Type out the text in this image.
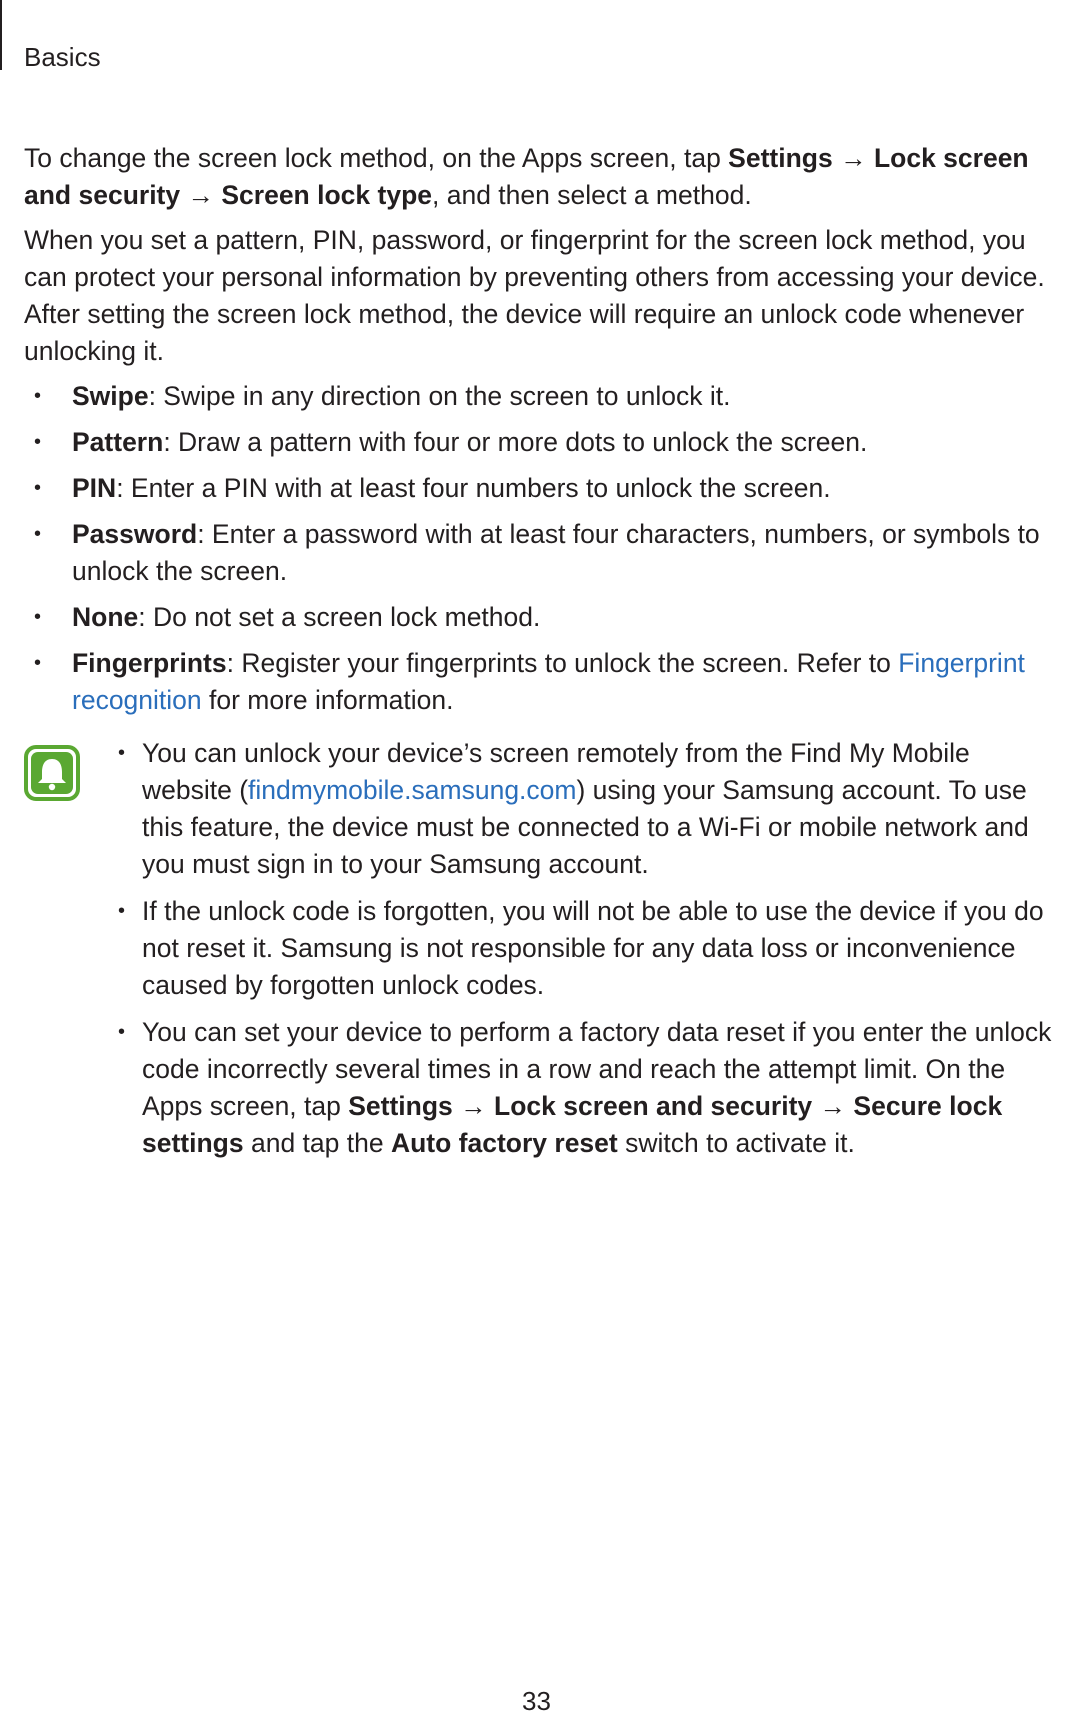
Basics

To change the screen lock method, on the Apps screen, tap Settings → Lock screen and security → Screen lock type, and then select a method.

When you set a pattern, PIN, password, or fingerprint for the screen lock method, you can protect your personal information by preventing others from accessing your device. After setting the screen lock method, the device will require an unlock code whenever unlocking it.

• Swipe: Swipe in any direction on the screen to unlock it.
• Pattern: Draw a pattern with four or more dots to unlock the screen.
• PIN: Enter a PIN with at least four numbers to unlock the screen.
• Password: Enter a password with at least four characters, numbers, or symbols to unlock the screen.
• None: Do not set a screen lock method.
• Fingerprints: Register your fingerprints to unlock the screen. Refer to Fingerprint recognition for more information.
• You can unlock your device’s screen remotely from the Find My Mobile website (findmymobile.samsung.com) using your Samsung account. To use this feature, the device must be connected to a Wi-Fi or mobile network and you must sign in to your Samsung account.
• If the unlock code is forgotten, you will not be able to use the device if you do not reset it. Samsung is not responsible for any data loss or inconvenience caused by forgotten unlock codes.
• You can set your device to perform a factory data reset if you enter the unlock code incorrectly several times in a row and reach the attempt limit. On the Apps screen, tap Settings → Lock screen and security → Secure lock settings and tap the Auto factory reset switch to activate it.
33
